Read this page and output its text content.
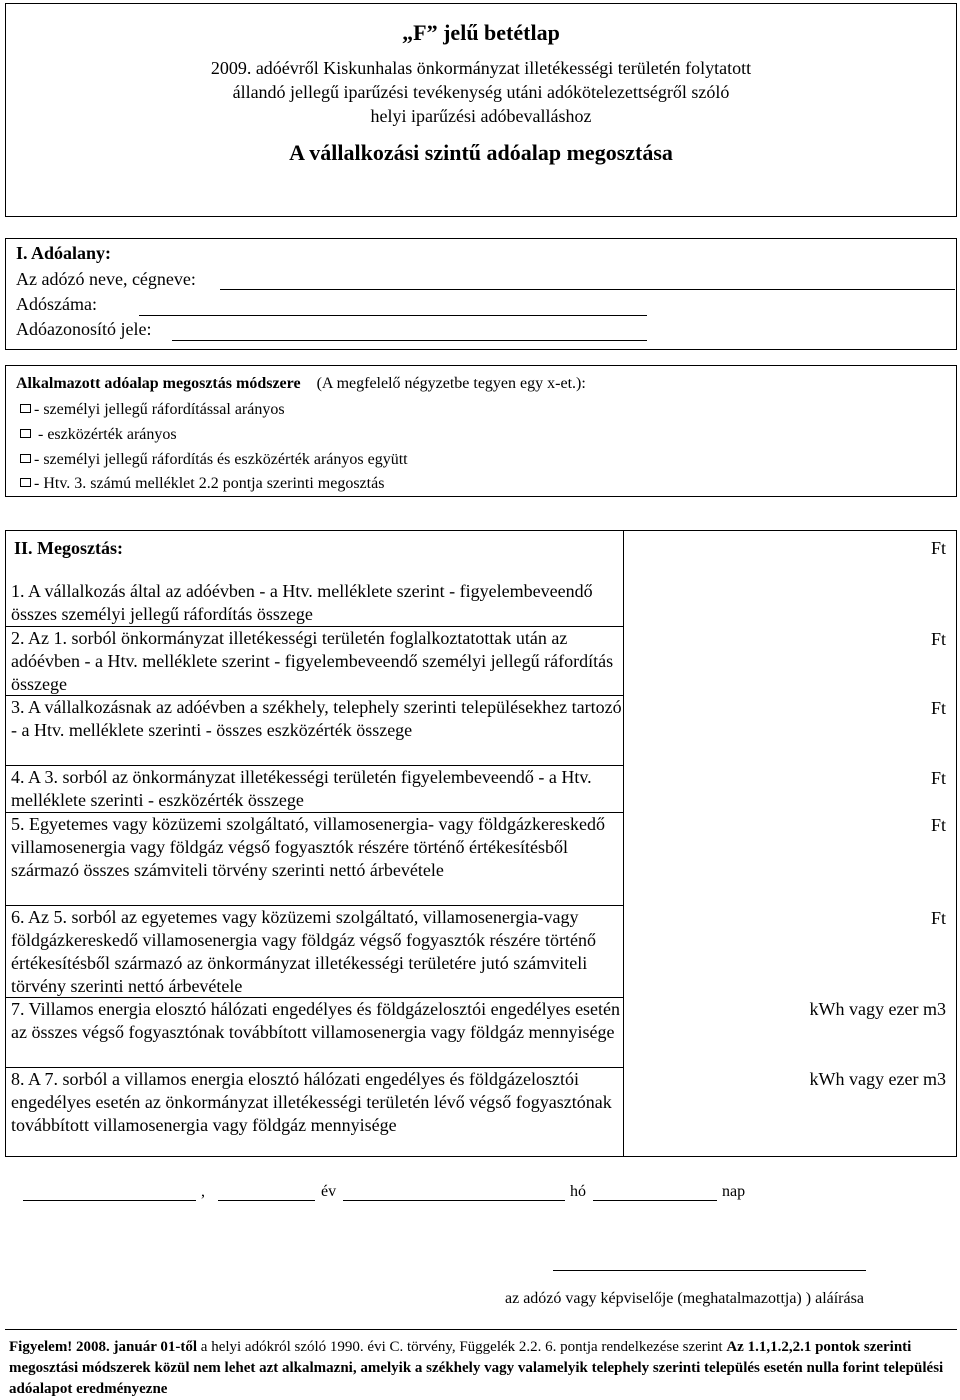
„F” jelű betétlap
2009. adóévről Kiskunhalas önkormányzat illetékességi területén folytatott
állandó jellegű iparűzési tevékenység utáni adókötelezettségről szóló
helyi iparűzési adóbevalláshoz
A vállalkozási szintű adóalap megosztása
I. Adóalany:
Az adózó neve, cégneve:
Adószáma:
Adóazonosító jele:
Alkalmazott adóalap megosztás módszere (A megfelelő négyzetbe tegyen egy x-et.):
- személyi jellegű ráfordítással arányos
- eszközérték arányos
- személyi jellegű ráfordítás és eszközérték arányos együtt
- Htv. 3. számú melléklet 2.2 pontja szerinti megosztás
II. Megosztás:	Ft
1. A vállalkozás által az adóévben - a Htv. melléklete szerint - figyelembeveendő összes személyi jellegű ráfordítás összege
2. Az 1. sorból önkormányzat illetékességi területén foglalkoztatottak után az adóévben - a Htv. melléklete szerint - figyelembeveendő személyi jellegű ráfordítás összege
Ft
3. A vállalkozásnak az adóévben a székhely, telephely szerinti településekhez tartozó - a Htv. melléklete szerinti - összes eszközérték összege
Ft
4. A 3. sorból az önkormányzat illetékességi területén figyelembeveendő - a Htv. melléklete szerinti - eszközérték összege
Ft
5. Egyetemes vagy közüzemi szolgáltató, villamosenergia- vagy földgázkereskedő villamosenergia vagy földgáz végső fogyasztók részére történő értékesítésből származó összes számviteli törvény szerinti nettó árbevétele
Ft
6. Az 5. sorból az egyetemes vagy közüzemi szolgáltató, villamosenergia-vagy földgázkereskedő villamosenergia vagy földgáz végső fogyasztók részére történő értékesítésből származó az önkormányzat illetékességi területére jutó számviteli törvény szerinti nettó árbevétele
Ft
7. Villamos energia elosztó hálózati engedélyes és földgázelosztói engedélyes esetén az összes végső fogyasztónak továbbított villamosenergia vagy földgáz mennyisége
kWh vagy ezer m3
8. A 7. sorból a villamos energia elosztó hálózati engedélyes és földgázelosztói engedélyes esetén az önkormányzat illetékességi területén lévő végső fogyasztónak továbbított villamosenergia vagy földgáz mennyisége
kWh vagy ezer m3
,	év	hó	nap
az adózó vagy képviselője (meghatalmazottja) ) aláírása
Figyelem! 2008. január 01-től a helyi adókról szóló 1990. évi C. törvény, Függelék 2.2. 6. pontja rendelkezése szerint Az 1.1,1.2,2.1 pontok szerinti megosztási módszerek közül nem lehet azt alkalmazni, amelyik a székhely vagy valamelyik telephely szerinti település esetén nulla forint települési adóalapot eredményezne
